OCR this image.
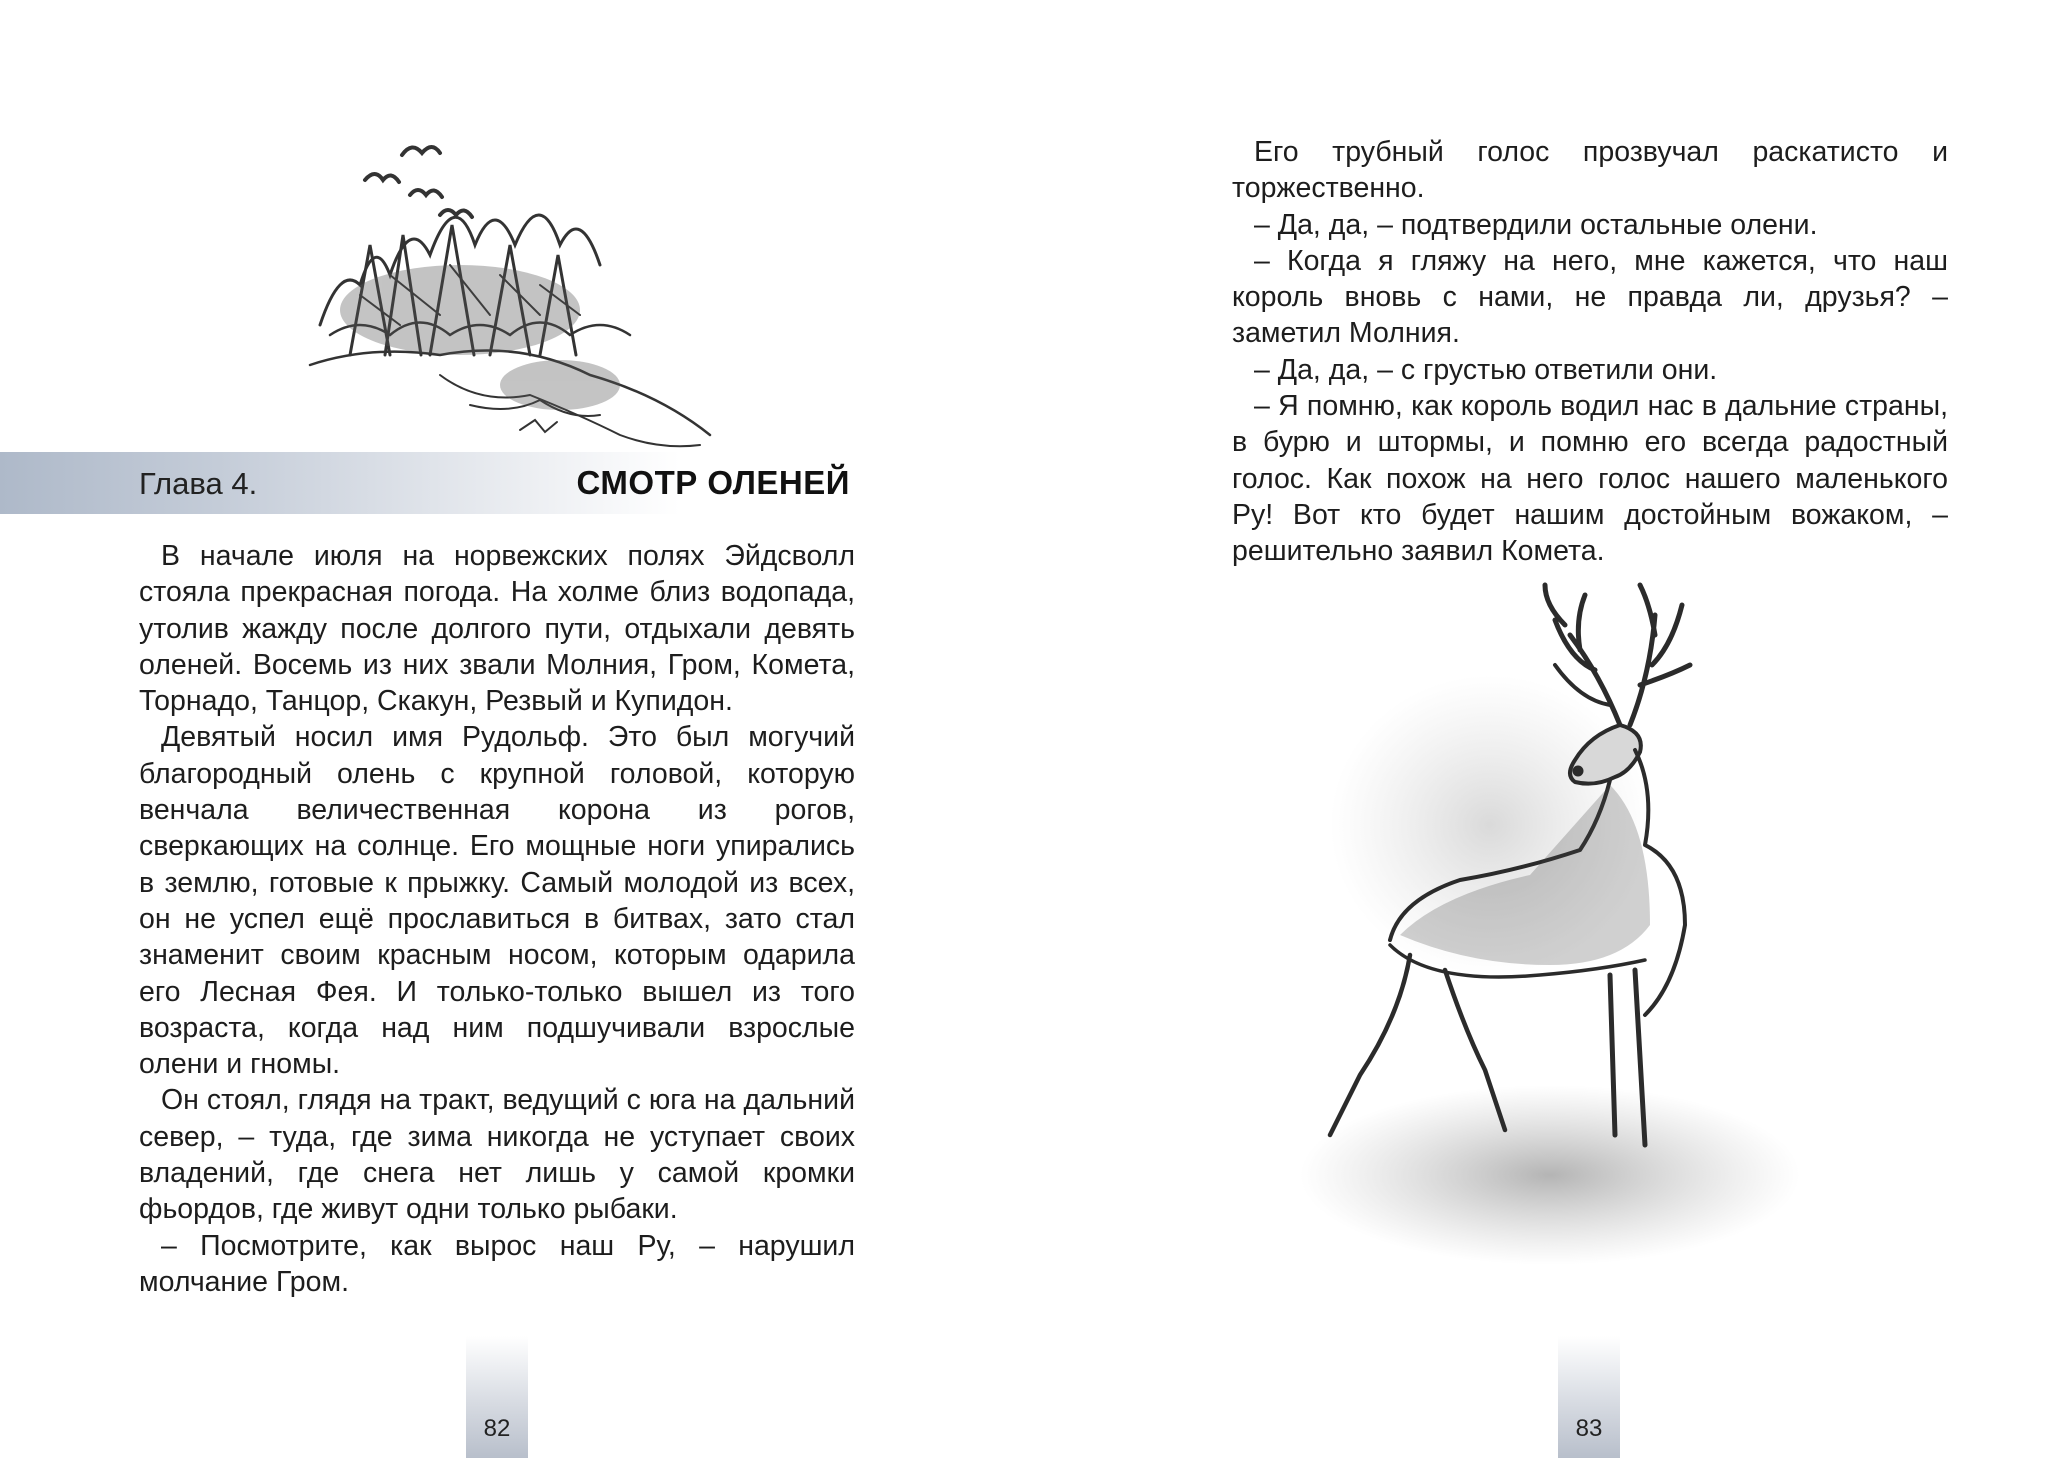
Глава 4.	СМОТР ОЛЕНЕЙ

В начале июля на норвежских полях Эйдсволл стояла прекрасная погода. На холме близ водопада, утолив жажду после долгого пути, отдыхали девять оленей. Восемь из них звали Молния, Гром, Комета, Торнадо, Танцор, Скакун, Резвый и Купидон.

Девятый носил имя Рудольф. Это был могучий благородный олень с крупной головой, которую венчала величественная корона из рогов, сверкающих на солнце. Его мощные ноги упирались в землю, готовые к прыжку. Самый молодой из всех, он не успел ещё прославиться в битвах, зато стал знаменит своим красным носом, которым одарила его Лесная Фея. И только-только вышел из того возраста, когда над ним подшучивали взрослые олени и гномы.

Он стоял, глядя на тракт, ведущий с юга на дальний север, – туда, где зима никогда не уступает своих владений, где снега нет лишь у самой кромки фьордов, где живут одни только рыбаки.

– Посмотрите, как вырос наш Ру, – нарушил молчание Гром.

82

Его трубный голос прозвучал раскатисто и торжественно.

– Да, да, – подтвердили остальные олени.

– Когда я гляжу на него, мне кажется, что наш король вновь с нами, не правда ли, друзья? – заметил Молния.

– Да, да, – с грустью ответили они.

– Я помню, как король водил нас в дальние страны, в бурю и штормы, и помню его всегда радостный голос. Как похож на него голос нашего маленького Ру! Вот кто будет нашим достойным вожаком, – решительно заявил Комета.

83
